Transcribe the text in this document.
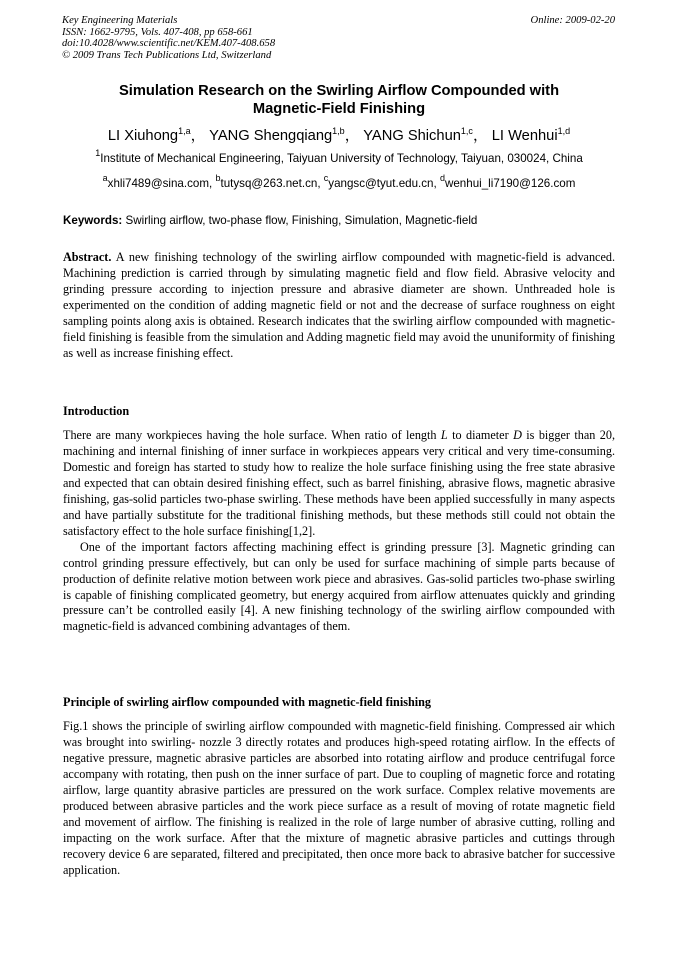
Key Engineering Materials
ISSN: 1662-9795, Vols. 407-408, pp 658-661
doi:10.4028/www.scientific.net/KEM.407-408.658
© 2009 Trans Tech Publications Ltd, Switzerland
Online: 2009-02-20
Simulation Research on the Swirling Airflow Compounded with
Magnetic-Field Finishing
LI Xiuhong$^{1,a}$， YANG Shengqiang$^{1,b}$， YANG Shichun$^{1,c}$， LI Wenhui$^{1,d}$
$^1$Institute of Mechanical Engineering, Taiyuan University of Technology, Taiyuan, 030024, China
$^a$xhli7489@sina.com, $^b$tutysq@263.net.cn, $^c$yangsc@tyut.edu.cn, $^d$wenhui_li7190@126.com
Keywords: Swirling airflow, two-phase flow, Finishing, Simulation, Magnetic-field

Abstract. A new finishing technology of the swirling airflow compounded with magnetic-field is advanced. Machining prediction is carried through by simulating magnetic field and flow field. Abrasive velocity and grinding pressure according to injection pressure and abrasive diameter are shown. Unthreaded hole is experimented on the condition of adding magnetic field or not and the decrease of surface roughness on eight sampling points along axis is obtained. Research indicates that the swirling airflow compounded with magnetic-field finishing is feasible from the simulation and Adding magnetic field may avoid the ununiformity of finishing as well as increase finishing effect.

Introduction

There are many workpieces having the hole surface. When ratio of length L to diameter D is bigger than 20, machining and internal finishing of inner surface in workpieces appears very critical and very time-consuming. Domestic and foreign has started to study how to realize the hole surface finishing using the free state abrasive and expected that can obtain desired finishing effect, such as barrel finishing, abrasive flows, magnetic abrasive finishing, gas-solid particles two-phase swirling. These methods have been applied successfully in many aspects and have partially substitute for the traditional finishing methods, but these methods still could not obtain the satisfactory effect to the hole surface finishing[1,2].

One of the important factors affecting machining effect is grinding pressure [3]. Magnetic grinding can control grinding pressure effectively, but can only be used for surface machining of simple parts because of production of definite relative motion between work piece and abrasives. Gas-solid particles two-phase swirling is capable of finishing complicated geometry, but energy acquired from airflow attenuates quickly and grinding pressure can’t be controlled easily [4]. A new finishing technology of the swirling airflow compounded with magnetic-field is advanced combining advantages of them.

Principle of swirling airflow compounded with magnetic-field finishing

Fig.1 shows the principle of swirling airflow compounded with magnetic-field finishing. Compressed air which was brought into swirling- nozzle 3 directly rotates and produces high-speed rotating airflow. In the effects of negative pressure, magnetic abrasive particles are absorbed into rotating airflow and produce centrifugal force accompany with rotating, then push on the inner surface of part. Due to coupling of magnetic force and rotating airflow, large quantity abrasive particles are pressured on the work surface. Complex relative movements are produced between abrasive particles and the work piece surface as a result of moving of rotate magnetic field and movement of airflow. The finishing is realized in the role of large number of abrasive cutting, rolling and impacting on the work surface. After that the mixture of magnetic abrasive particles and cuttings through recovery device 6 are separated, filtered and precipitated, then once more back to abrasive batcher for successive application.
